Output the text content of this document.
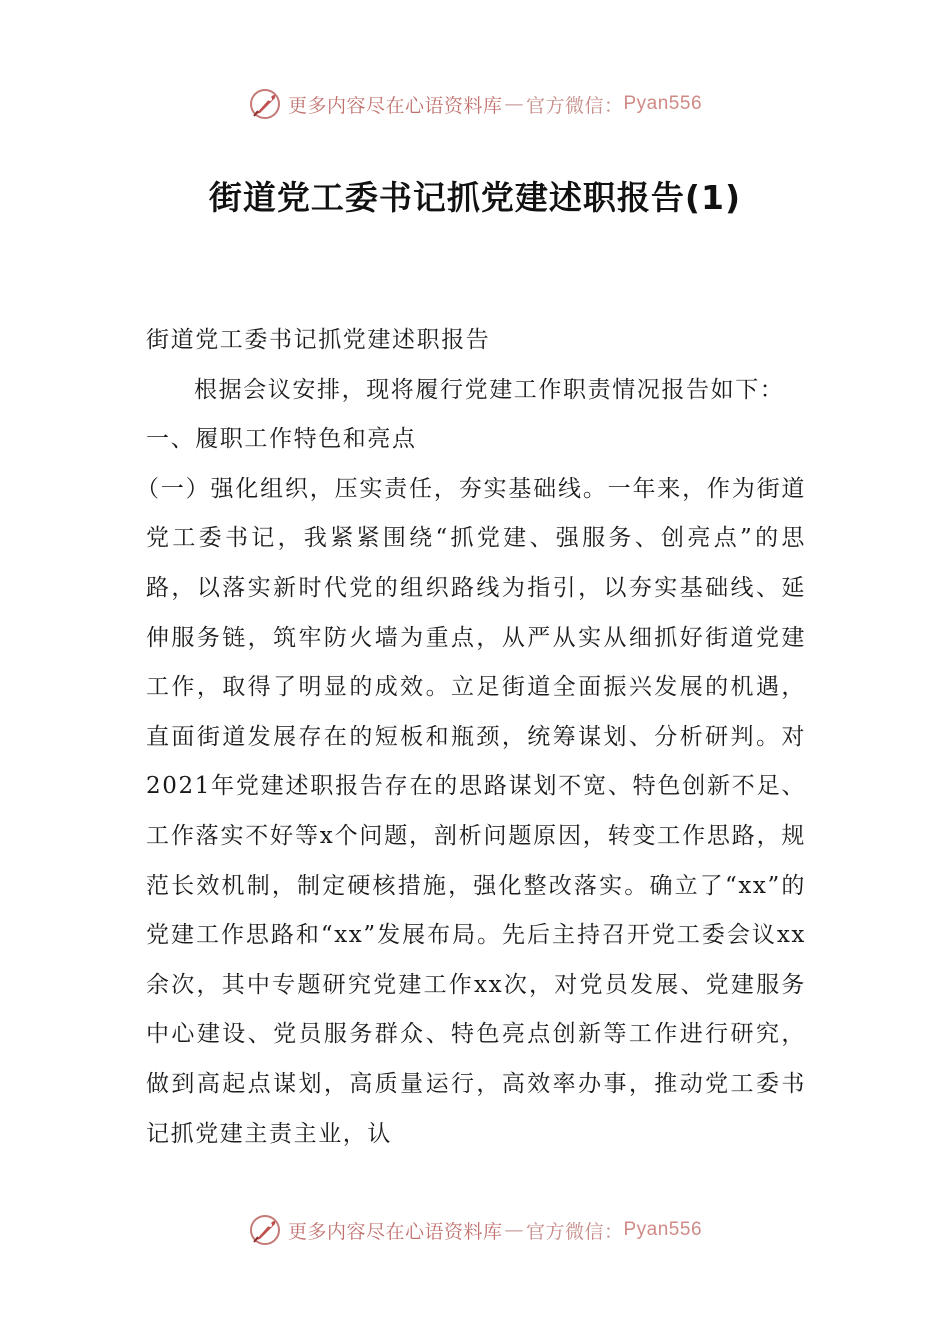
更多内容尽在心语资料库 — 官方微信： Pyan556
街道党工委书记抓党建述职报告(1)

街道党工委书记抓党建述职报告

根据会议安排，现将履行党建工作职责情况报告如下：

一、履职工作特色和亮点

（一）强化组织，压实责任，夯实基础线。一年来，作为街道党工委书记，我紧紧围绕“抓党建、强服务、创亮点”的思路，以落实新时代党的组织路线为指引，以夯实基础线、延伸服务链，筑牢防火墙为重点，从严从实从细抓好街道党建工作，取得了明显的成效。立足街道全面振兴发展的机遇，直面街道发展存在的短板和瓶颈，统筹谋划、分析研判。对2021年党建述职报告存在的思路谋划不宽、特色创新不足、工作落实不好等x个问题，剖析问题原因，转变工作思路，规范长效机制，制定硬核措施，强化整改落实。确立了“xx”的党建工作思路和“xx”发展布局。先后主持召开党工委会议xx余次，其中专题研究党建工作xx次，对党员发展、党建服务中心建设、党员服务群众、特色亮点创新等工作进行研究，做到高起点谋划，高质量运行，高效率办事，推动党工委书记抓党建主责主业，认

更多内容尽在心语资料库 — 官方微信： Pyan556
